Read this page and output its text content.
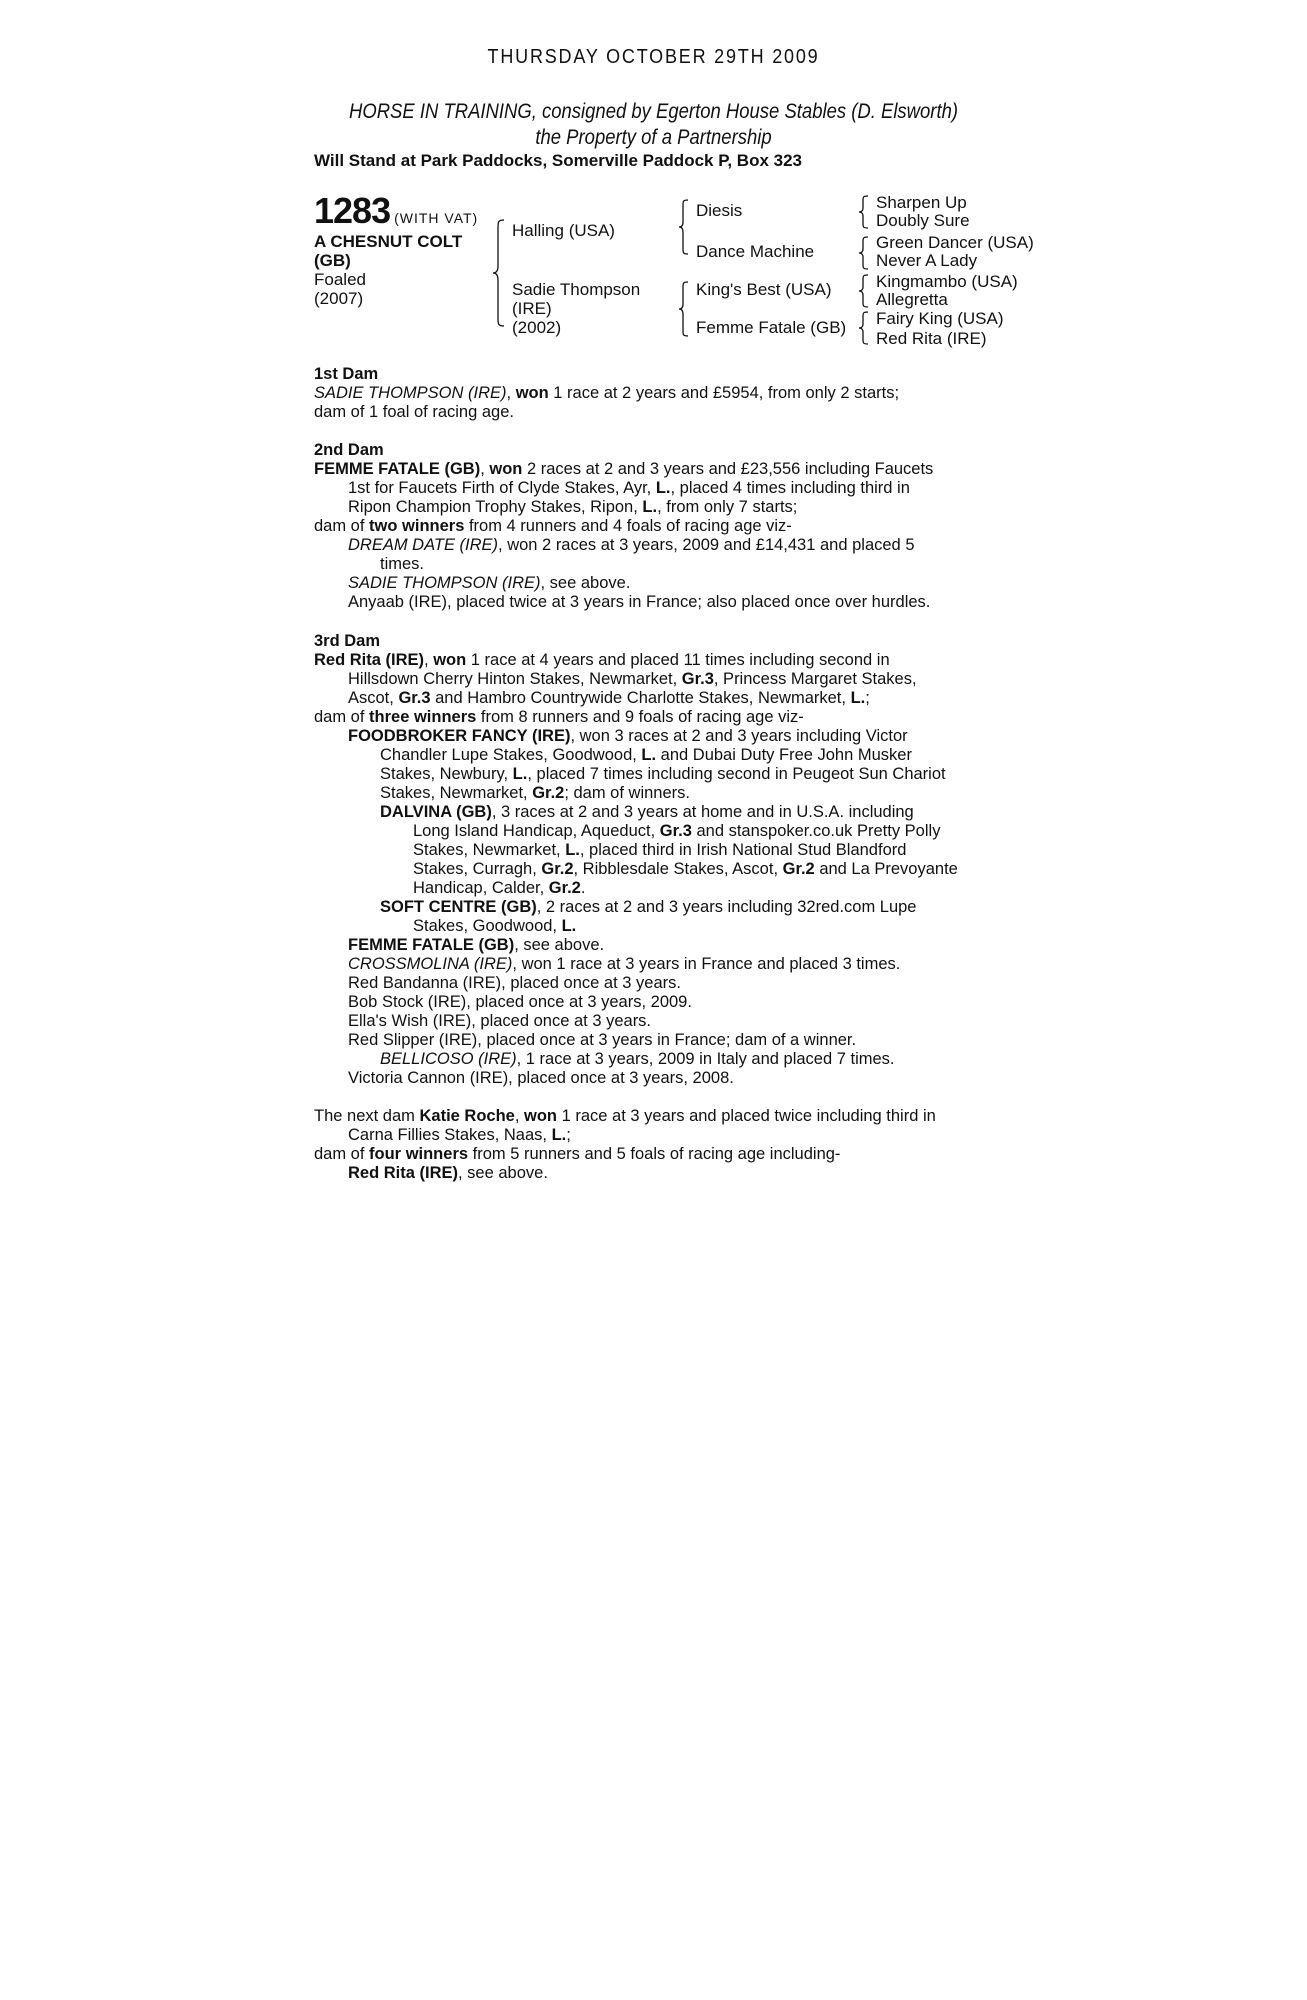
THURSDAY OCTOBER 29TH 2009
HORSE IN TRAINING, consigned by Egerton House Stables (D. Elsworth)
the Property of a Partnership
Will Stand at Park Paddocks, Somerville Paddock P, Box 323
1283 (WITH VAT)
A CHESNUT COLT
(GB)
Foaled
(2007)
Halling (USA)
Sadie Thompson
(IRE)
(2002)
Diesis
Dance Machine
King's Best (USA)
Femme Fatale (GB)
Sharpen Up
Doubly Sure
Green Dancer (USA)
Never A Lady
Kingmambo (USA)
Allegretta
Fairy King (USA)
Red Rita (IRE)
1st Dam
SADIE THOMPSON (IRE), won 1 race at 2 years and £5954, from only 2 starts;
dam of 1 foal of racing age.
2nd Dam
FEMME FATALE (GB), won 2 races at 2 and 3 years and £23,556 including Faucets
1st for Faucets Firth of Clyde Stakes, Ayr, L., placed 4 times including third in
Ripon Champion Trophy Stakes, Ripon, L., from only 7 starts;
dam of two winners from 4 runners and 4 foals of racing age viz-
DREAM DATE (IRE), won 2 races at 3 years, 2009 and £14,431 and placed 5
times.
SADIE THOMPSON (IRE), see above.
Anyaab (IRE), placed twice at 3 years in France; also placed once over hurdles.
3rd Dam
Red Rita (IRE), won 1 race at 4 years and placed 11 times including second in
Hillsdown Cherry Hinton Stakes, Newmarket, Gr.3, Princess Margaret Stakes,
Ascot, Gr.3 and Hambro Countrywide Charlotte Stakes, Newmarket, L.;
dam of three winners from 8 runners and 9 foals of racing age viz-
FOODBROKER FANCY (IRE), won 3 races at 2 and 3 years including Victor
Chandler Lupe Stakes, Goodwood, L. and Dubai Duty Free John Musker
Stakes, Newbury, L., placed 7 times including second in Peugeot Sun Chariot
Stakes, Newmarket, Gr.2; dam of winners.
DALVINA (GB), 3 races at 2 and 3 years at home and in U.S.A. including
Long Island Handicap, Aqueduct, Gr.3 and stanspoker.co.uk Pretty Polly
Stakes, Newmarket, L., placed third in Irish National Stud Blandford
Stakes, Curragh, Gr.2, Ribblesdale Stakes, Ascot, Gr.2 and La Prevoyante
Handicap, Calder, Gr.2.
SOFT CENTRE (GB), 2 races at 2 and 3 years including 32red.com Lupe
Stakes, Goodwood, L.
FEMME FATALE (GB), see above.
CROSSMOLINA (IRE), won 1 race at 3 years in France and placed 3 times.
Red Bandanna (IRE), placed once at 3 years.
Bob Stock (IRE), placed once at 3 years, 2009.
Ella's Wish (IRE), placed once at 3 years.
Red Slipper (IRE), placed once at 3 years in France; dam of a winner.
BELLICOSO (IRE), 1 race at 3 years, 2009 in Italy and placed 7 times.
Victoria Cannon (IRE), placed once at 3 years, 2008.
The next dam Katie Roche, won 1 race at 3 years and placed twice including third in
Carna Fillies Stakes, Naas, L.;
dam of four winners from 5 runners and 5 foals of racing age including-
Red Rita (IRE), see above.
